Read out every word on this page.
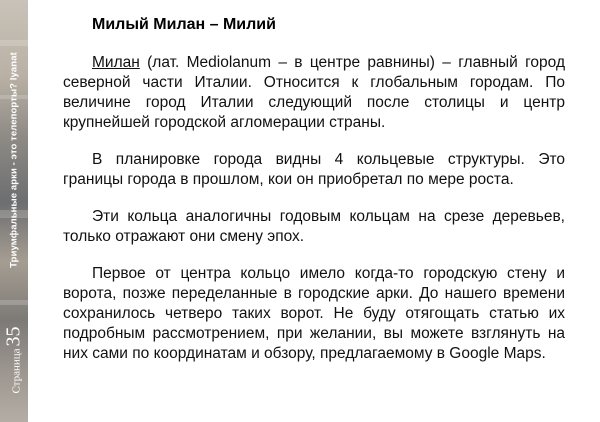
Триумфальные арки - это телепорты? Iyanat
Страница
35
Милый Милан – Милий

Милан (лат. Mediolanum – в центре равнины) – главный город северной части Италии. Относится к глобальным городам. По величине город Италии следующий после столицы и центр крупнейшей городской агломерации страны.

В планировке города видны 4 кольцевые структуры. Это границы города в прошлом, кои он приобретал по мере роста.

Эти кольца аналогичны годовым кольцам на срезе деревьев, только отражают они смену эпох.

Первое от центра кольцо имело когда-то городскую стену и ворота, позже переделанные в городские арки. До нашего времени сохранилось четверо таких ворот. Не буду отягощать статью их подробным рассмотрением, при желании, вы можете взглянуть на них сами по координатам и обзору, предлагаемому в Google Maps.
